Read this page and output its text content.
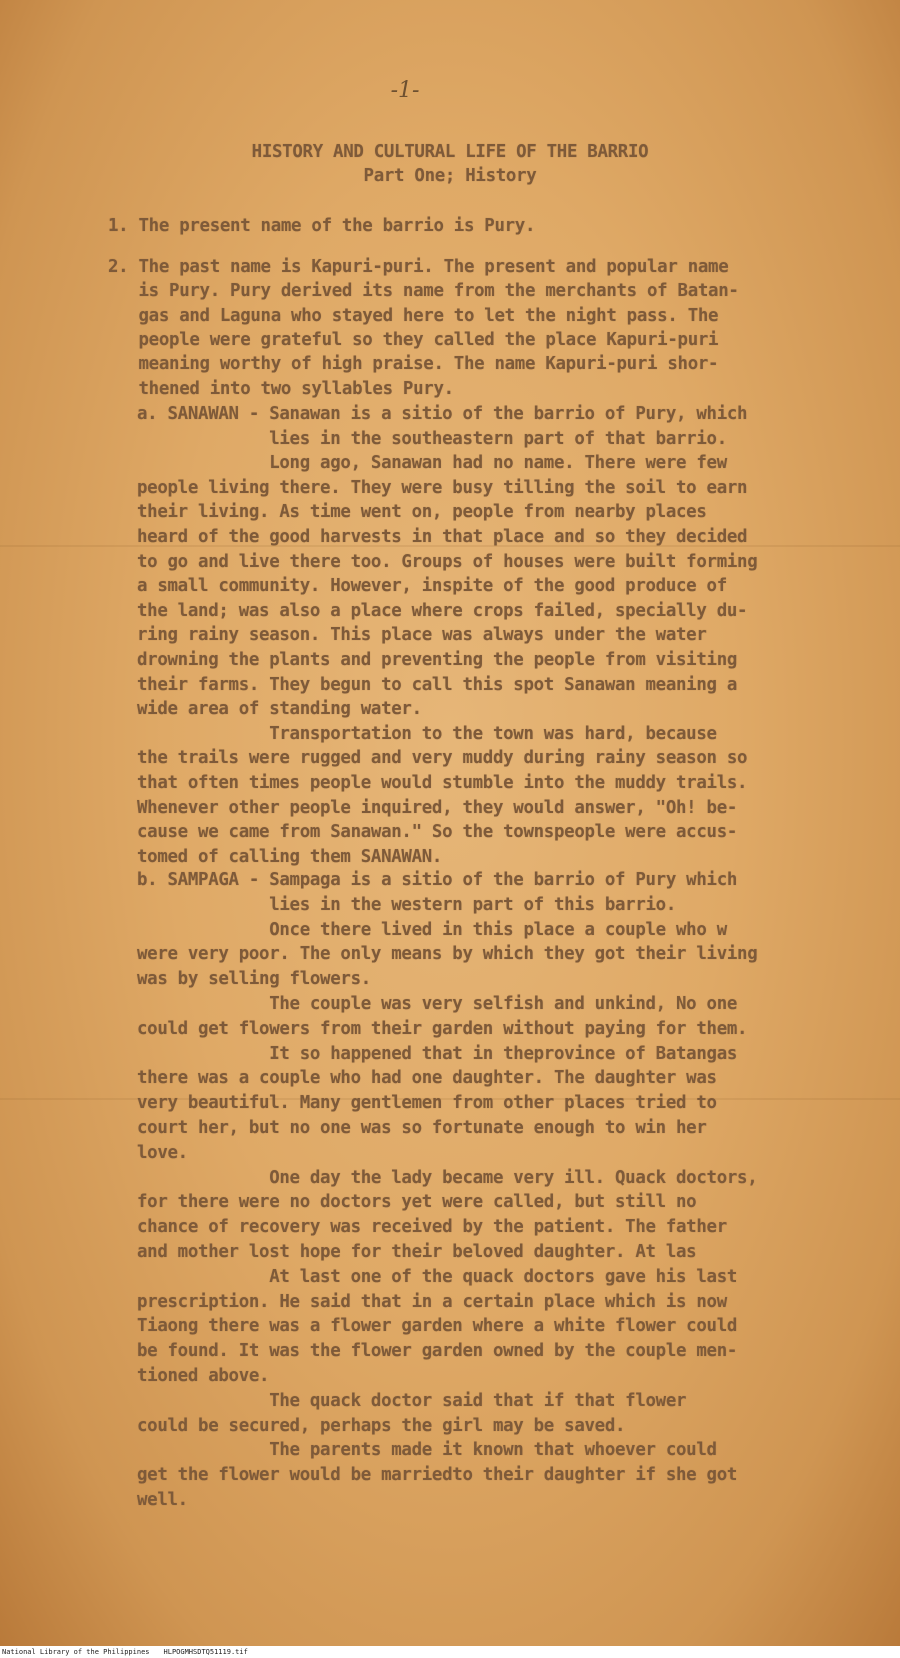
-1-

HISTORY AND CULTURAL LIFE OF THE BARRIO

Part One; History

1. The present name of the barrio is Pury.

2. The past name is Kapuri-puri. The present and popular name

is Pury. Pury derived its name from the merchants of Batan-

gas and Laguna who stayed here to let the night pass. The

people were grateful so they called the place Kapuri-puri

meaning worthy of high praise. The name Kapuri-puri shor-

thened into two syllables Pury.

a. SANAWAN - Sanawan is a sitio of the barrio of Pury, which

lies in the southeastern part of that barrio.

Long ago, Sanawan had no name. There were few

people living there. They were busy tilling the soil to earn

their living. As time went on, people from nearby places

heard of the good harvests in that place and so they decided

to go and live there too. Groups of houses were built forming

a small community. However, inspite of the good produce of

the land; was also a place where crops failed, specially du-

ring rainy season. This place was always under the water

drowning the plants and preventing the people from visiting

their farms. They begun to call this spot Sanawan meaning a

wide area of standing water.

Transportation to the town was hard, because

the trails were rugged and very muddy during rainy season so

that often times people would stumble into the muddy trails.

Whenever other people inquired, they would answer, "Oh! be-

cause we came from Sanawan." So the townspeople were accus-

tomed of calling them SANAWAN.

b. SAMPAGA - Sampaga is a sitio of the barrio of Pury which

lies in the western part of this barrio.

Once there lived in this place a couple who w

were very poor. The only means by which they got their living

was by selling flowers.

The couple was very selfish and unkind, No one

could get flowers from their garden without paying for them.

It so happened that in theprovince of Batangas

there was a couple who had one daughter. The daughter was

very beautiful. Many gentlemen from other places tried to

court her, but no one was so fortunate enough to win her

love.

One day the lady became very ill. Quack doctors,

for there were no doctors yet were called, but still no

chance of recovery was received by the patient. The father

and mother lost hope for their beloved daughter. At las

At last one of the quack doctors gave his last

prescription. He said that in a certain place which is now

Tiaong there was a flower garden where a white flower could

be found. It was the flower garden owned by the couple men-

tioned above.

The quack doctor said that if that flower

could be secured, perhaps the girl may be saved.

The parents made it known that whoever could

get the flower would be marriedto their daughter if she got

well.

National Library of the Philippines HLPOGMHSDTQ51119.tif
